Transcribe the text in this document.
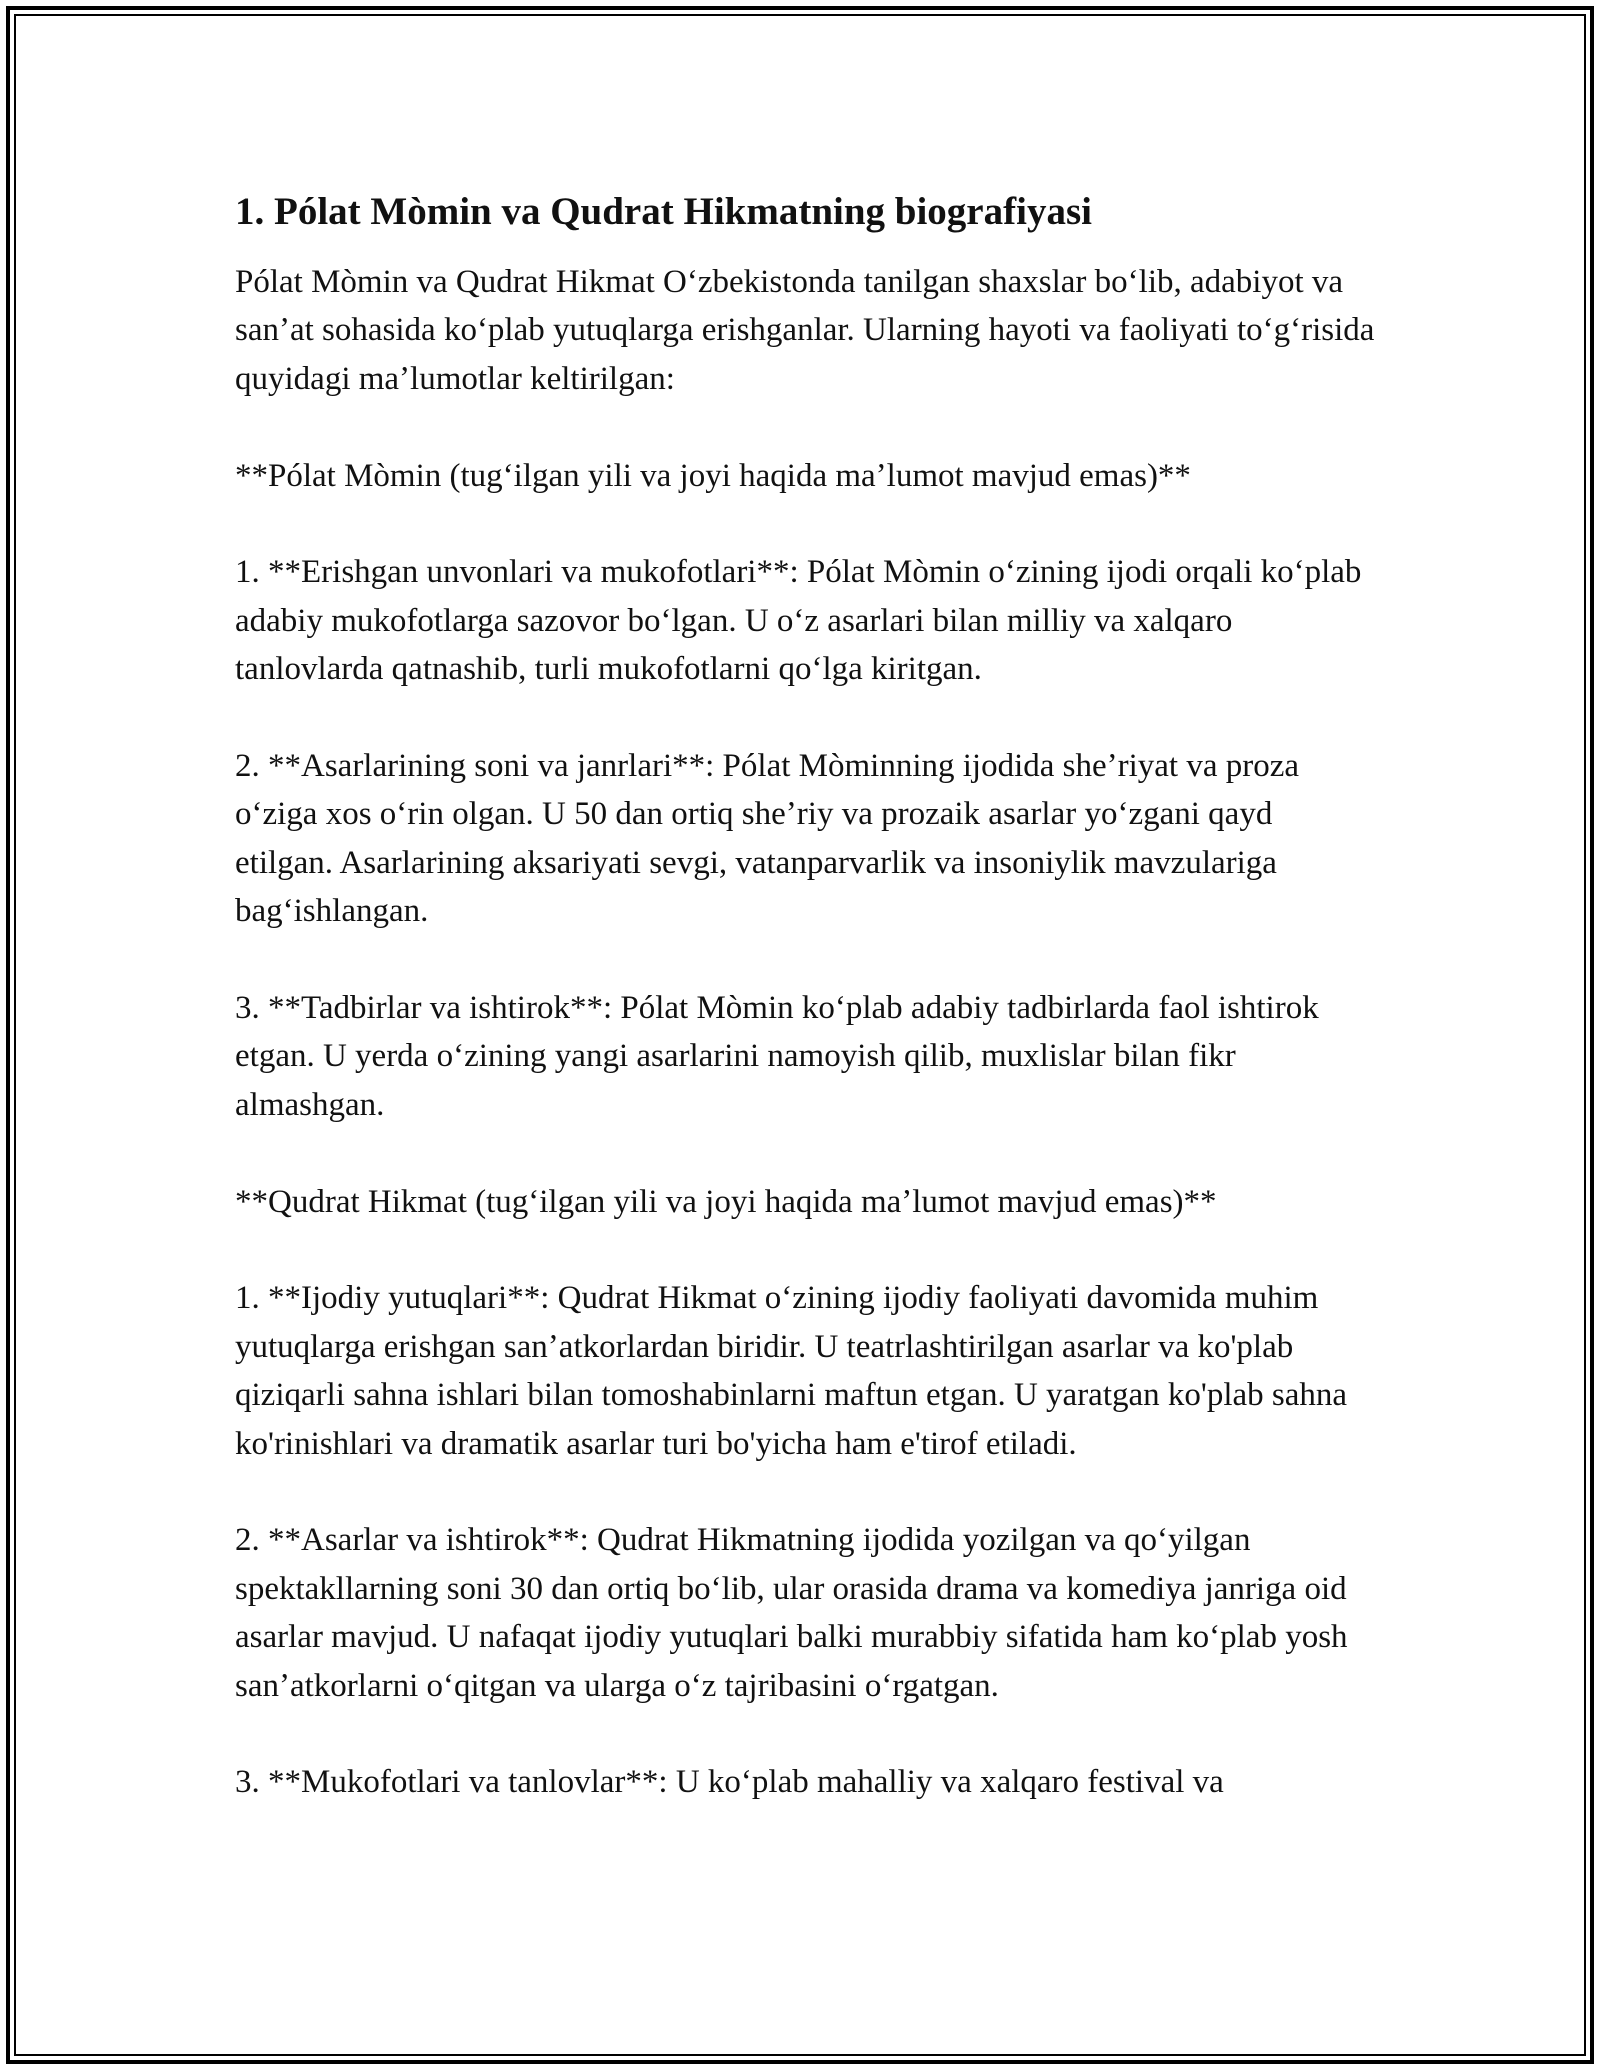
1. Pólat Mòmin va Qudrat Hikmatning biografiyasi

Pólat Mòmin va Qudrat Hikmat Oʻzbekistonda tanilgan shaxslar boʻlib, adabiyot va sanʼat sohasida koʻplab yutuqlarga erishganlar. Ularning hayoti va faoliyati toʻgʻrisida quyidagi maʼlumotlar keltirilgan:

**Pólat Mòmin (tugʻilgan yili va joyi haqida maʼlumot mavjud emas)**

1. **Erishgan unvonlari va mukofotlari**: Pólat Mòmin oʻzining ijodi orqali koʻplab adabiy mukofotlarga sazovor boʻlgan. U oʻz asarlari bilan milliy va xalqaro tanlovlarda qatnashib, turli mukofotlarni qoʻlga kiritgan.

2. **Asarlarining soni va janrlari**: Pólat Mòminning ijodida sheʼriyat va proza oʻziga xos oʻrin olgan. U 50 dan ortiq sheʼriy va prozaik asarlar yoʻzgani qayd etilgan. Asarlarining aksariyati sevgi, vatanparvarlik va insoniylik mavzulariga bagʻishlangan.

3. **Tadbirlar va ishtirok**: Pólat Mòmin koʻplab adabiy tadbirlarda faol ishtirok etgan. U yerda oʻzining yangi asarlarini namoyish qilib, muxlislar bilan fikr almashgan.

**Qudrat Hikmat (tugʻilgan yili va joyi haqida maʼlumot mavjud emas)**

1. **Ijodiy yutuqlari**: Qudrat Hikmat oʻzining ijodiy faoliyati davomida muhim yutuqlarga erishgan sanʼatkorlardan biridir. U teatrlashtirilgan asarlar va ko'plab qiziqarli sahna ishlari bilan tomoshabinlarni maftun etgan. U yaratgan ko'plab sahna ko'rinishlari va dramatik asarlar turi bo'yicha ham e'tirof etiladi.

2. **Asarlar va ishtirok**: Qudrat Hikmatning ijodida yozilgan va qoʻyilgan spektakllarning soni 30 dan ortiq boʻlib, ular orasida drama va komediya janriga oid asarlar mavjud. U nafaqat ijodiy yutuqlari balki murabbiy sifatida ham koʻplab yosh sanʼatkorlarni oʻqitgan va ularga oʻz tajribasini oʻrgatgan.

3. **Mukofotlari va tanlovlar**: U koʻplab mahalliy va xalqaro festival va
